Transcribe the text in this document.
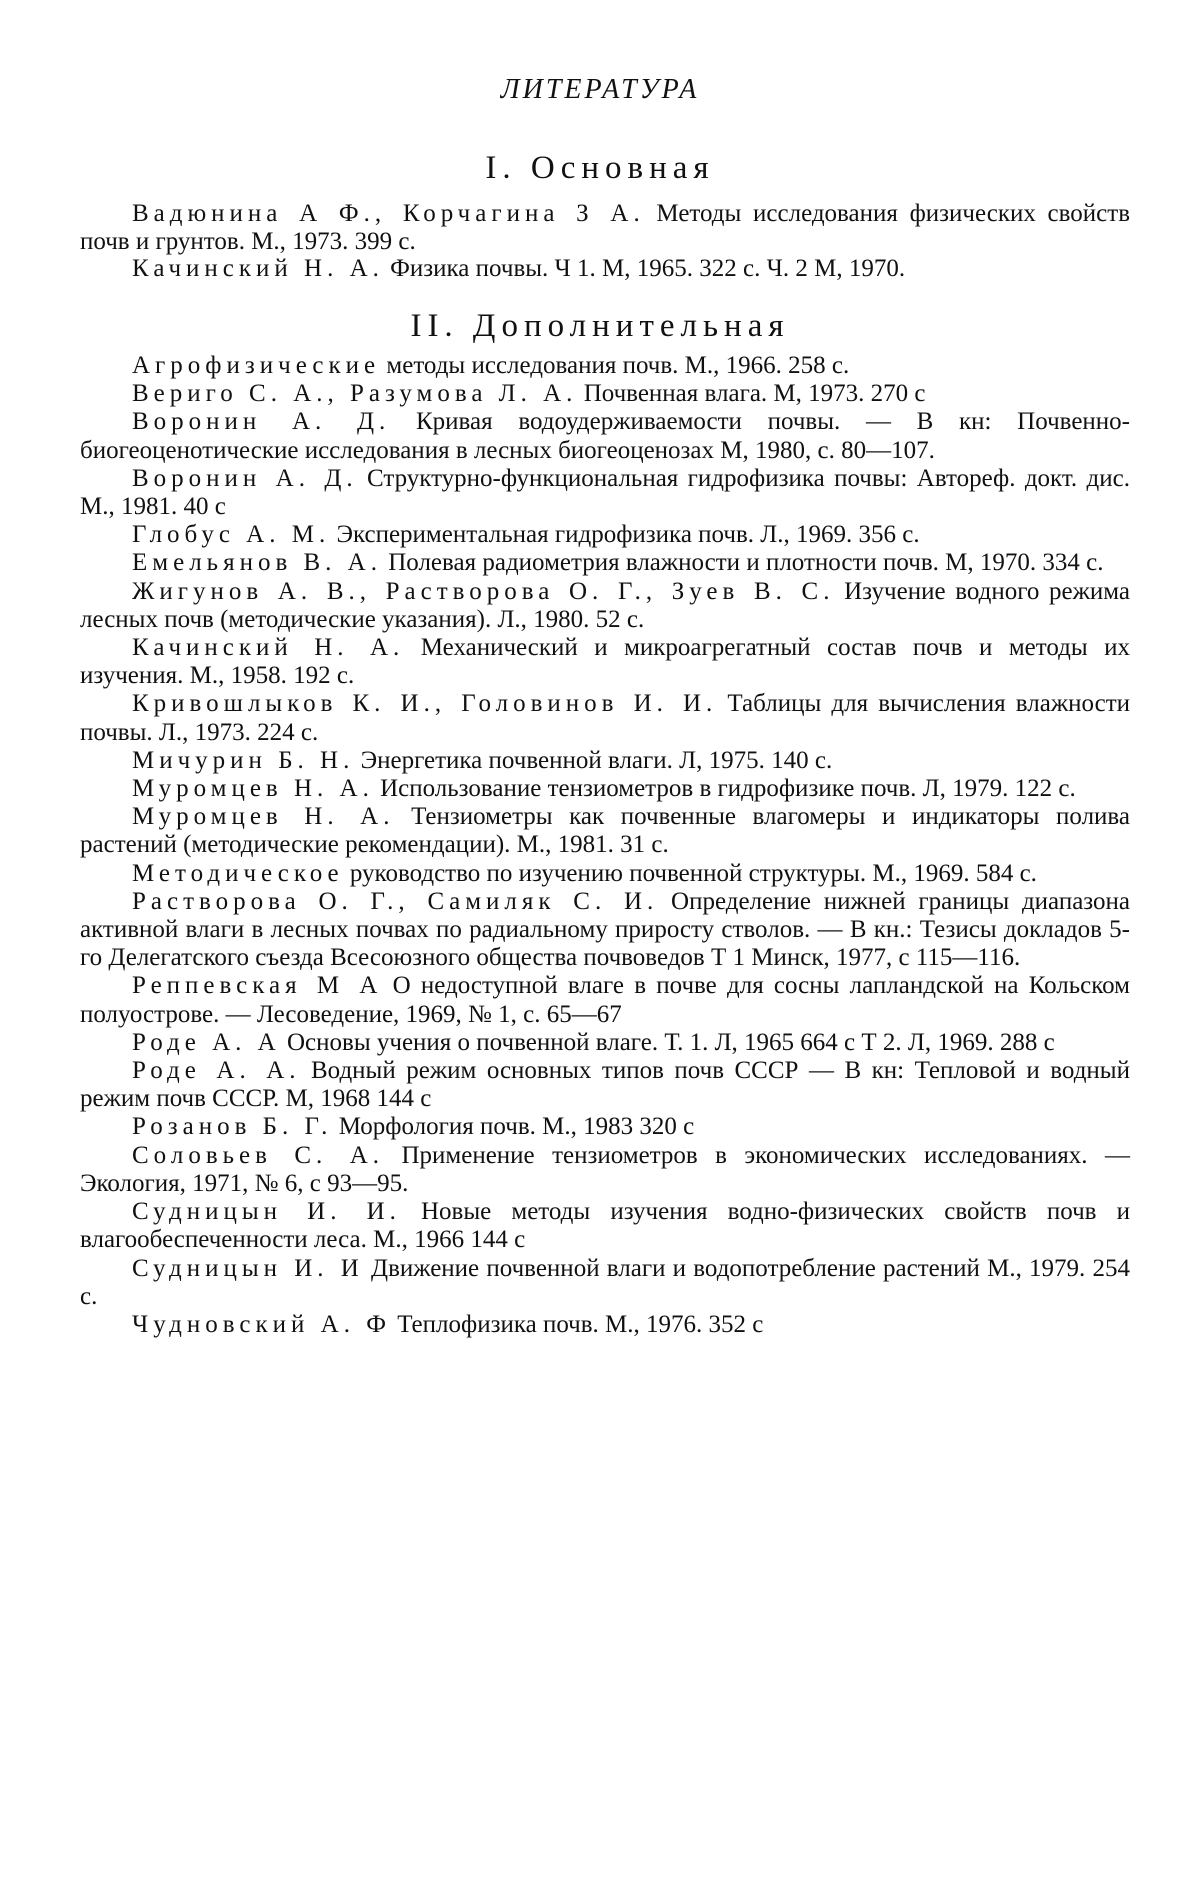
ЛИТЕРАТУРА
I. Основная

Вадюнина А Ф., Корчагина З А. Методы исследования физических свойств почв и грунтов. М., 1973. 399 с.

Качинский Н. А. Физика почвы. Ч 1. М, 1965. 322 с. Ч. 2 М, 1970.

II. Дополнительная

Агрофизические методы исследования почв. М., 1966. 258 с.

Вериго С. А., Разумова Л. А. Почвенная влага. М, 1973. 270 с

Воронин А. Д. Кривая водоудерживаемости почвы. — В кн: Почвенно-биогеоценотические исследования в лесных биогеоценозах М, 1980, с. 80—107.

Воронин А. Д. Структурно-функциональная гидрофизика почвы: Автореф. докт. дис. М., 1981. 40 с

Глобус А. М. Экспериментальная гидрофизика почв. Л., 1969. 356 с.

Емельянов В. А. Полевая радиометрия влажности и плотности почв. М, 1970. 334 с.

Жигунов А. В., Растворова О. Г., Зуев В. С. Изучение водного режима лесных почв (методические указания). Л., 1980. 52 с.

Качинский Н. А. Механический и микроагрегатный состав почв и методы их изучения. М., 1958. 192 с.

Кривошлыков К. И., Головинов И. И. Таблицы для вычисления влажности почвы. Л., 1973. 224 с.

Мичурин Б. Н. Энергетика почвенной влаги. Л, 1975. 140 с.

Муромцев Н. А. Использование тензиометров в гидрофизике почв. Л, 1979. 122 с.

Муромцев Н. А. Тензиометры как почвенные влагомеры и индикаторы полива растений (методические рекомендации). М., 1981. 31 с.

Методическое руководство по изучению почвенной структуры. М., 1969. 584 с.

Растворова О. Г., Самиляк С. И. Определение нижней границы диапазона активной влаги в лесных почвах по радиальному приросту стволов. — В кн.: Тезисы докладов 5-го Делегатского съезда Всесоюзного общества почвоведов Т 1 Минск, 1977, с 115—116.

Реппевская М А О недоступной влаге в почве для сосны лапландской на Кольском полуострове. — Лесоведение, 1969, № 1, с. 65—67

Роде А. А Основы учения о почвенной влаге. Т. 1. Л, 1965 664 с Т 2. Л, 1969. 288 с

Роде А. А. Водный режим основных типов почв СССР — В кн: Тепловой и водный режим почв СССР. М, 1968 144 с

Розанов Б. Г. Морфология почв. М., 1983 320 с

Соловьев С. А. Применение тензиометров в экономических исследованиях. — Экология, 1971, № 6, с 93—95.

Судницын И. И. Новые методы изучения водно-физических свойств почв и влагообеспеченности леса. М., 1966 144 с

Судницын И. И Движение почвенной влаги и водопотребление растений М., 1979. 254 с.

Чудновский А. Ф Теплофизика почв. М., 1976. 352 с
